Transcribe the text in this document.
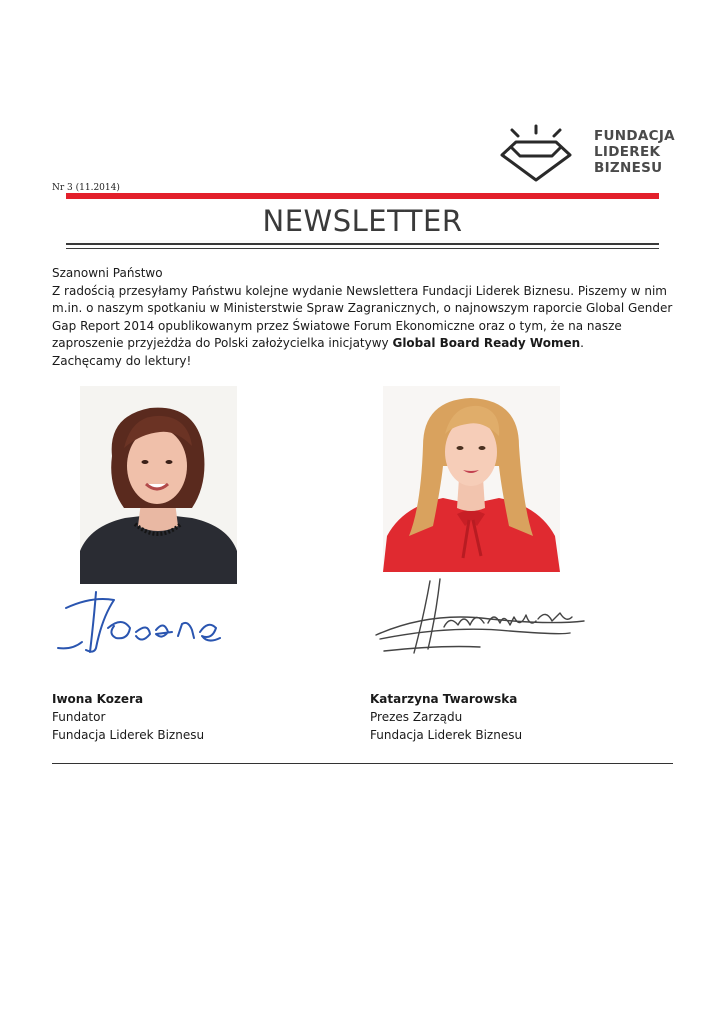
FUNDACJA
LIDEREK
BIZNESU
Nr 3 (11.2014)
NEWSLETTER

Szanowni Państwo

Z radością przesyłamy Państwu kolejne wydanie Newslettera Fundacji Liderek Biznesu. Piszemy w nim m.in. o naszym spotkaniu w Ministerstwie Spraw Zagranicznych, o najnowszym raporcie Global Gender Gap Report 2014 opublikowanym przez Światowe Forum Ekonomiczne oraz o tym, że na nasze zaproszenie przyjeżdża do Polski założycielka inicjatywy Global Board Ready Women.

Zachęcamy do lektury!

Iwona Kozera
Fundator
Fundacja Liderek Biznesu
Katarzyna Twarowska
Prezes Zarządu
Fundacja Liderek Biznesu
